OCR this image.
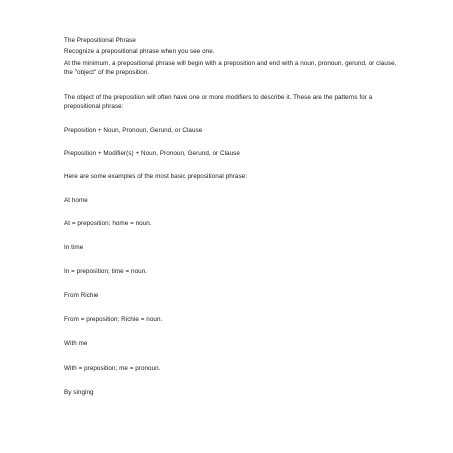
The Prepositional Phrase
Recognize a prepositional phrase when you see one.
At the minimum, a prepositional phrase will begin with a preposition and end with a noun, pronoun, gerund, or clause, the "object" of the preposition.
The object of the preposition will often have one or more modifiers to describe it. These are the patterns for a prepositional phrase:
Preposition + Noun, Pronoun, Gerund, or Clause
Preposition + Modifier(s) + Noun, Pronoun, Gerund, or Clause
Here are some examples of the most basic prepositional phrase:
At home
At = preposition; home = noun.
In time
In = preposition; time = noun.
From Richie
From = preposition; Richie = noun.
With me
With = preposition; me = pronoun.
By singing
